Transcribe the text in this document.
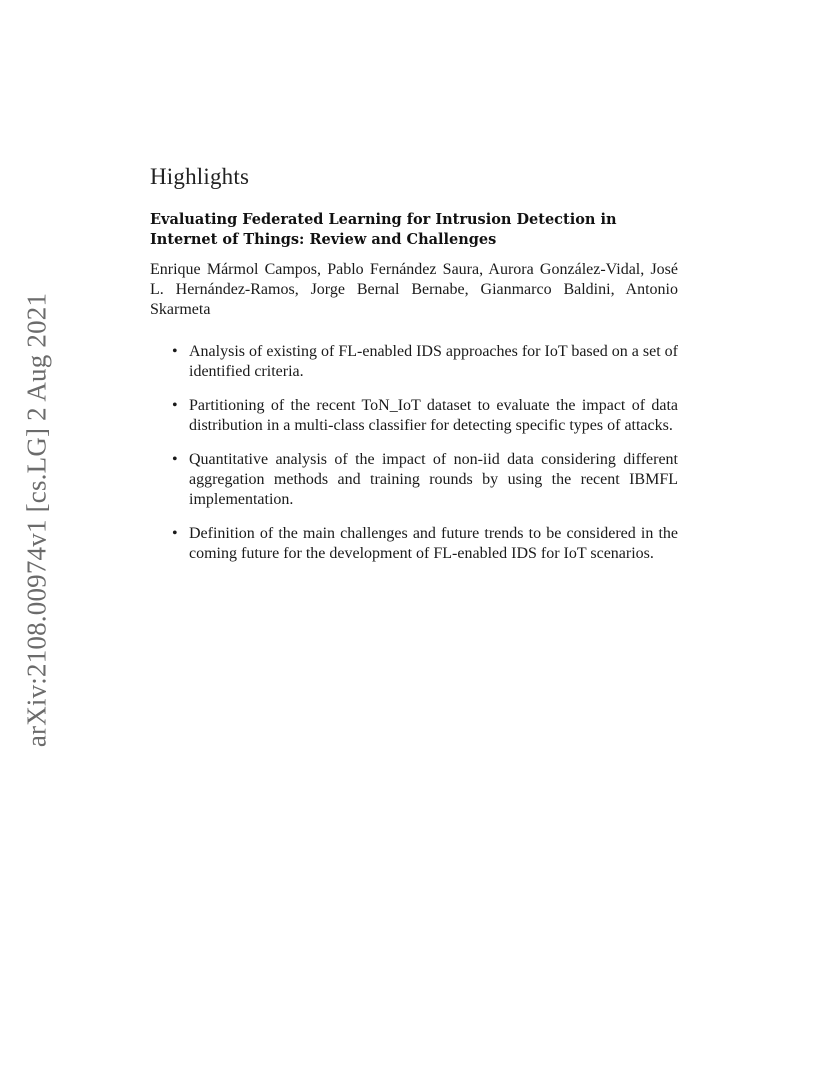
arXiv:2108.00974v1 [cs.LG] 2 Aug 2021
Highlights
Evaluating Federated Learning for Intrusion Detection in Internet of Things: Review and Challenges
Enrique Mármol Campos, Pablo Fernández Saura, Aurora González-Vidal, José L. Hernández-Ramos, Jorge Bernal Bernabe, Gianmarco Baldini, Antonio Skarmeta
• Analysis of existing of FL-enabled IDS approaches for IoT based on a set of identified criteria.
• Partitioning of the recent ToN_IoT dataset to evaluate the impact of data distribution in a multi-class classifier for detecting specific types of attacks.
• Quantitative analysis of the impact of non-iid data considering different aggregation methods and training rounds by using the recent IBMFL implementation.
• Definition of the main challenges and future trends to be considered in the coming future for the development of FL-enabled IDS for IoT scenarios.
